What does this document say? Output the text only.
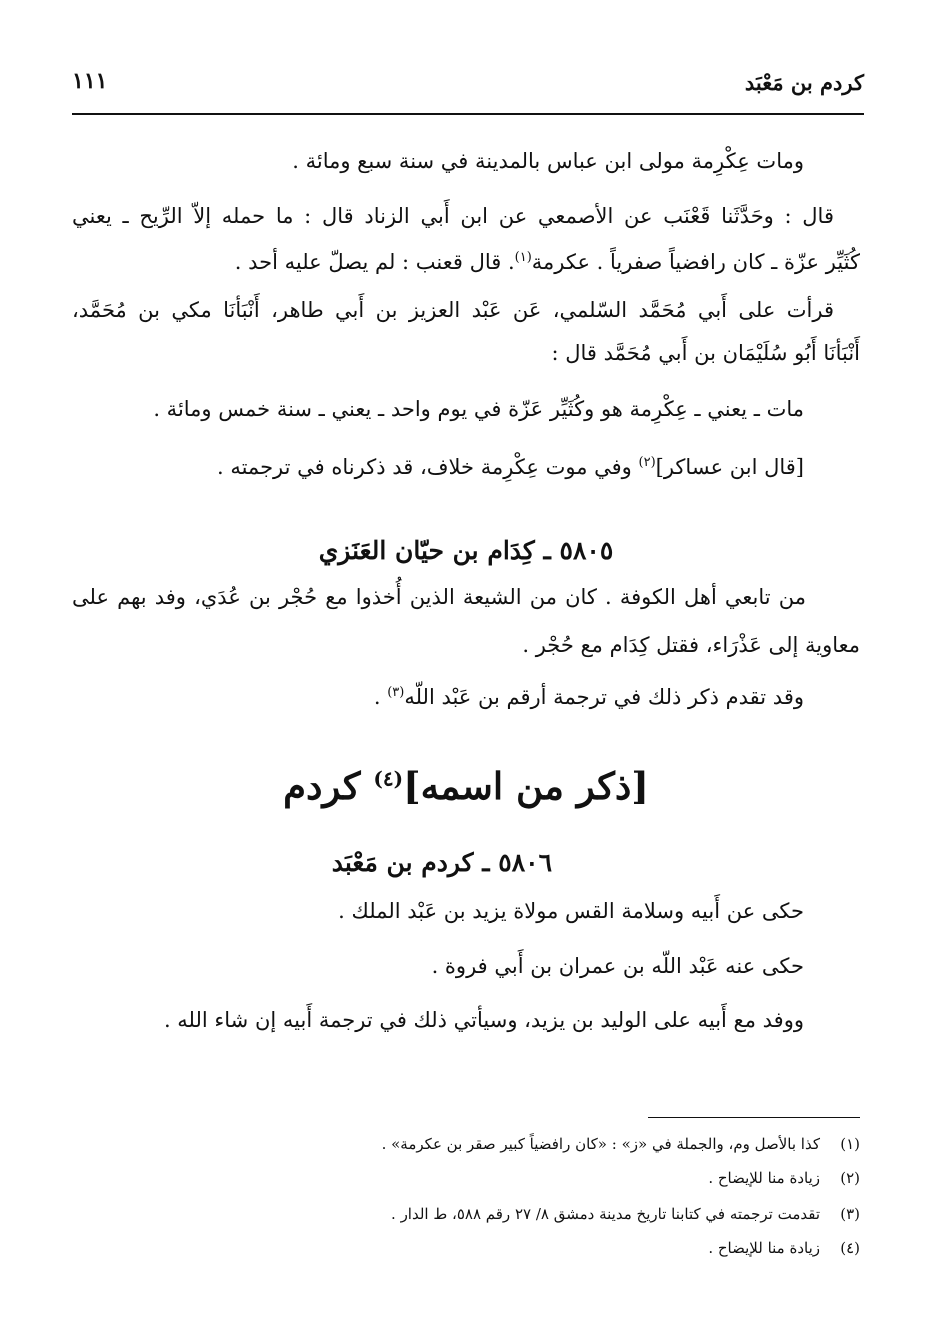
كردم بن مَعْبَد
١١١
ومات عِكْرِمة مولى ابن عباس بالمدينة في سنة سبع ومائة .
قال : وحَدَّثَنا قَعْنَب عن الأصمعي عن ابن أَبي الزناد قال : ما حمله إلاّ الرِّيح ـ يعني
كُثَيِّر عزّة ـ كان رافضياً صفرياً . عكرمة$^{(١)}$. قال قعنب : لم يصلّ عليه أحد .
قرأت على أَبي مُحَمَّد السّلمي، عَن عَبْد العزيز بن أَبي طاهر، أَنْبَأنَا مكي بن مُحَمَّد،
أَنْبَأنَا أَبُو سُلَيْمَان بن أَبي مُحَمَّد قال :
مات ـ يعني ـ عِكْرِمة هو وكُثَيِّر عَزّة في يوم واحد ـ يعني ـ سنة خمس ومائة .
[قال ابن عساكر]$^{(٢)}$ وفي موت عِكْرِمة خلاف، قد ذكرناه في ترجمته .
٥٨٠٥ ـ كِدَام بن حيّان العَنَزي
من تابعي أهل الكوفة . كان من الشيعة الذين أُخذوا مع حُجْر بن عُدَي، وفد بهم على
معاوية إلى عَذْرَاء، فقتل كِدَام مع حُجْر .
وقد تقدم ذكر ذلك في ترجمة أرقم بن عَبْد اللّه$^{(٣)}$ .
[ذكر من اسمه]$^{(٤)}$ كردم
٥٨٠٦ ـ كردم بن مَعْبَد
حكى عن أَبيه وسلامة القس مولاة يزيد بن عَبْد الملك .
حكى عنه عَبْد اللّه بن عمران بن أَبي فروة .
ووفد مع أَبيه على الوليد بن يزيد، وسيأتي ذلك في ترجمة أَبيه إن شاء الله .
(١)كذا بالأصل وم، والجملة في «ز» : «كان رافضياً كبير صقر بن عكرمة» .
(٢)زيادة منا للإيضاح .
(٣)تقدمت ترجمته في كتابنا تاريخ مدينة دمشق ٨/ ٢٧ رقم ٥٨٨، ط الدار .
(٤)زيادة منا للإيضاح .
